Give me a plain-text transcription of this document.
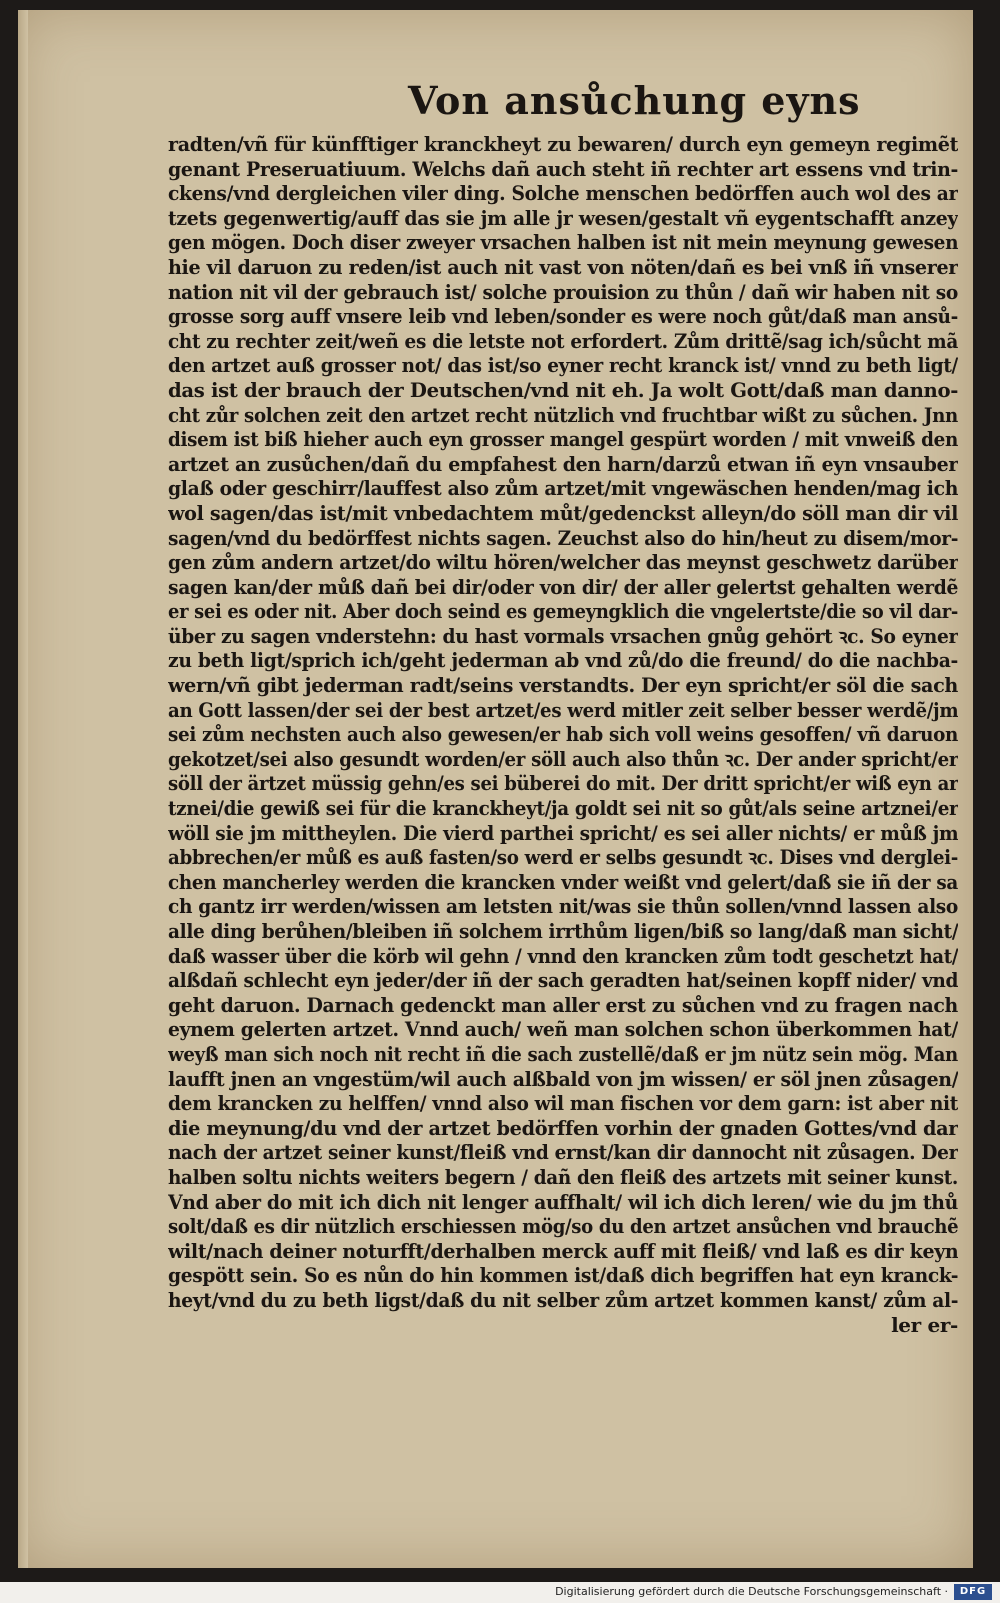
Von ansůchung eyns
radten/vñ für künfftiger kranckheyt zu bewaren/ durch eyn gemeyn regimẽt
genant Preseruatiuum. Welchs dañ auch steht iñ rechter art essens vnd trin-
ckens/vnd dergleichen viler ding. Solche menschen bedörffen auch wol des ar
tzets gegenwertig/auff das sie jm alle jr wesen/gestalt vñ eygentschafft anzey
gen mögen. Doch diser zweyer vrsachen halben ist nit mein meynung gewesen
hie vil daruon zu reden/ist auch nit vast von nöten/dañ es bei vnß iñ vnserer
nation nit vil der gebrauch ist/ solche prouision zu thůn / dañ wir haben nit so
grosse sorg auff vnsere leib vnd leben/sonder es were noch gůt/daß man ansů-
cht zu rechter zeit/weñ es die letste not erfordert. Zům drittẽ/sag ich/sůcht mã
den artzet auß grosser not/ das ist/so eyner recht kranck ist/ vnnd zu beth ligt/
das ist der brauch der Deutschen/vnd nit eh. Ja wolt Gott/daß man danno-
cht zůr solchen zeit den artzet recht nützlich vnd fruchtbar wißt zu sůchen. Jnn
disem ist biß hieher auch eyn grosser mangel gespürt worden / mit vnweiß den
artzet an zusůchen/dañ du empfahest den harn/darzů etwan iñ eyn vnsauber
glaß oder geschirr/lauffest also zům artzet/mit vngewäschen henden/mag ich
wol sagen/das ist/mit vnbedachtem můt/gedenckst alleyn/do söll man dir vil
sagen/vnd du bedörffest nichts sagen. Zeuchst also do hin/heut zu disem/mor-
gen zům andern artzet/do wiltu hören/welcher das meynst geschwetz darüber
sagen kan/der můß dañ bei dir/oder von dir/ der aller gelertst gehalten werdẽ
er sei es oder nit. Aber doch seind es gemeyngklich die vngelertste/die so vil dar-
über zu sagen vnderstehn: du hast vormals vrsachen gnůg gehört ꝛc. So eyner
zu beth ligt/sprich ich/geht jederman ab vnd zů/do die freund/ do die nachba-
wern/vñ gibt jederman radt/seins verstandts. Der eyn spricht/er söl die sach
an Gott lassen/der sei der best artzet/es werd mitler zeit selber besser werdẽ/jm
sei zům nechsten auch also gewesen/er hab sich voll weins gesoffen/ vñ daruon
gekotzet/sei also gesundt worden/er söll auch also thůn ꝛc. Der ander spricht/er
söll der ärtzet müssig gehn/es sei büberei do mit. Der dritt spricht/er wiß eyn ar
tznei/die gewiß sei für die kranckheyt/ja goldt sei nit so gůt/als seine artznei/er
wöll sie jm mittheylen. Die vierd parthei spricht/ es sei aller nichts/ er můß jm
abbrechen/er můß es auß fasten/so werd er selbs gesundt ꝛc. Dises vnd derglei-
chen mancherley werden die krancken vnder weißt vnd gelert/daß sie iñ der sa
ch gantz irr werden/wissen am letsten nit/was sie thůn sollen/vnnd lassen also
alle ding berůhen/bleiben iñ solchem irrthům ligen/biß so lang/daß man sicht/
daß wasser über die körb wil gehn / vnnd den krancken zům todt geschetzt hat/
alßdañ schlecht eyn jeder/der iñ der sach geradten hat/seinen kopff nider/ vnd
geht daruon. Darnach gedenckt man aller erst zu sůchen vnd zu fragen nach
eynem gelerten artzet. Vnnd auch/ weñ man solchen schon überkommen hat/
weyß man sich noch nit recht iñ die sach zustellẽ/daß er jm nütz sein mög. Man
laufft jnen an vngestüm/wil auch alßbald von jm wissen/ er söl jnen zůsagen/
dem krancken zu helffen/ vnnd also wil man fischen vor dem garn: ist aber nit
die meynung/du vnd der artzet bedörffen vorhin der gnaden Gottes/vnd dar
nach der artzet seiner kunst/fleiß vnd ernst/kan dir dannocht nit zůsagen. Der
halben soltu nichts weiters begern / dañ den fleiß des artzets mit seiner kunst.
Vnd aber do mit ich dich nit lenger auffhalt/ wil ich dich leren/ wie du jm thů
solt/daß es dir nützlich erschiessen mög/so du den artzet ansůchen vnd brauchẽ
wilt/nach deiner noturfft/derhalben merck auff mit fleiß/ vnd laß es dir keyn
gespött sein. So es nůn do hin kommen ist/daß dich begriffen hat eyn kranck-
heyt/vnd du zu beth ligst/daß du nit selber zům artzet kommen kanst/ zům al-
ler er-
Digitalisierung gefördert durch die Deutsche Forschungsgemeinschaft ·	DFG
